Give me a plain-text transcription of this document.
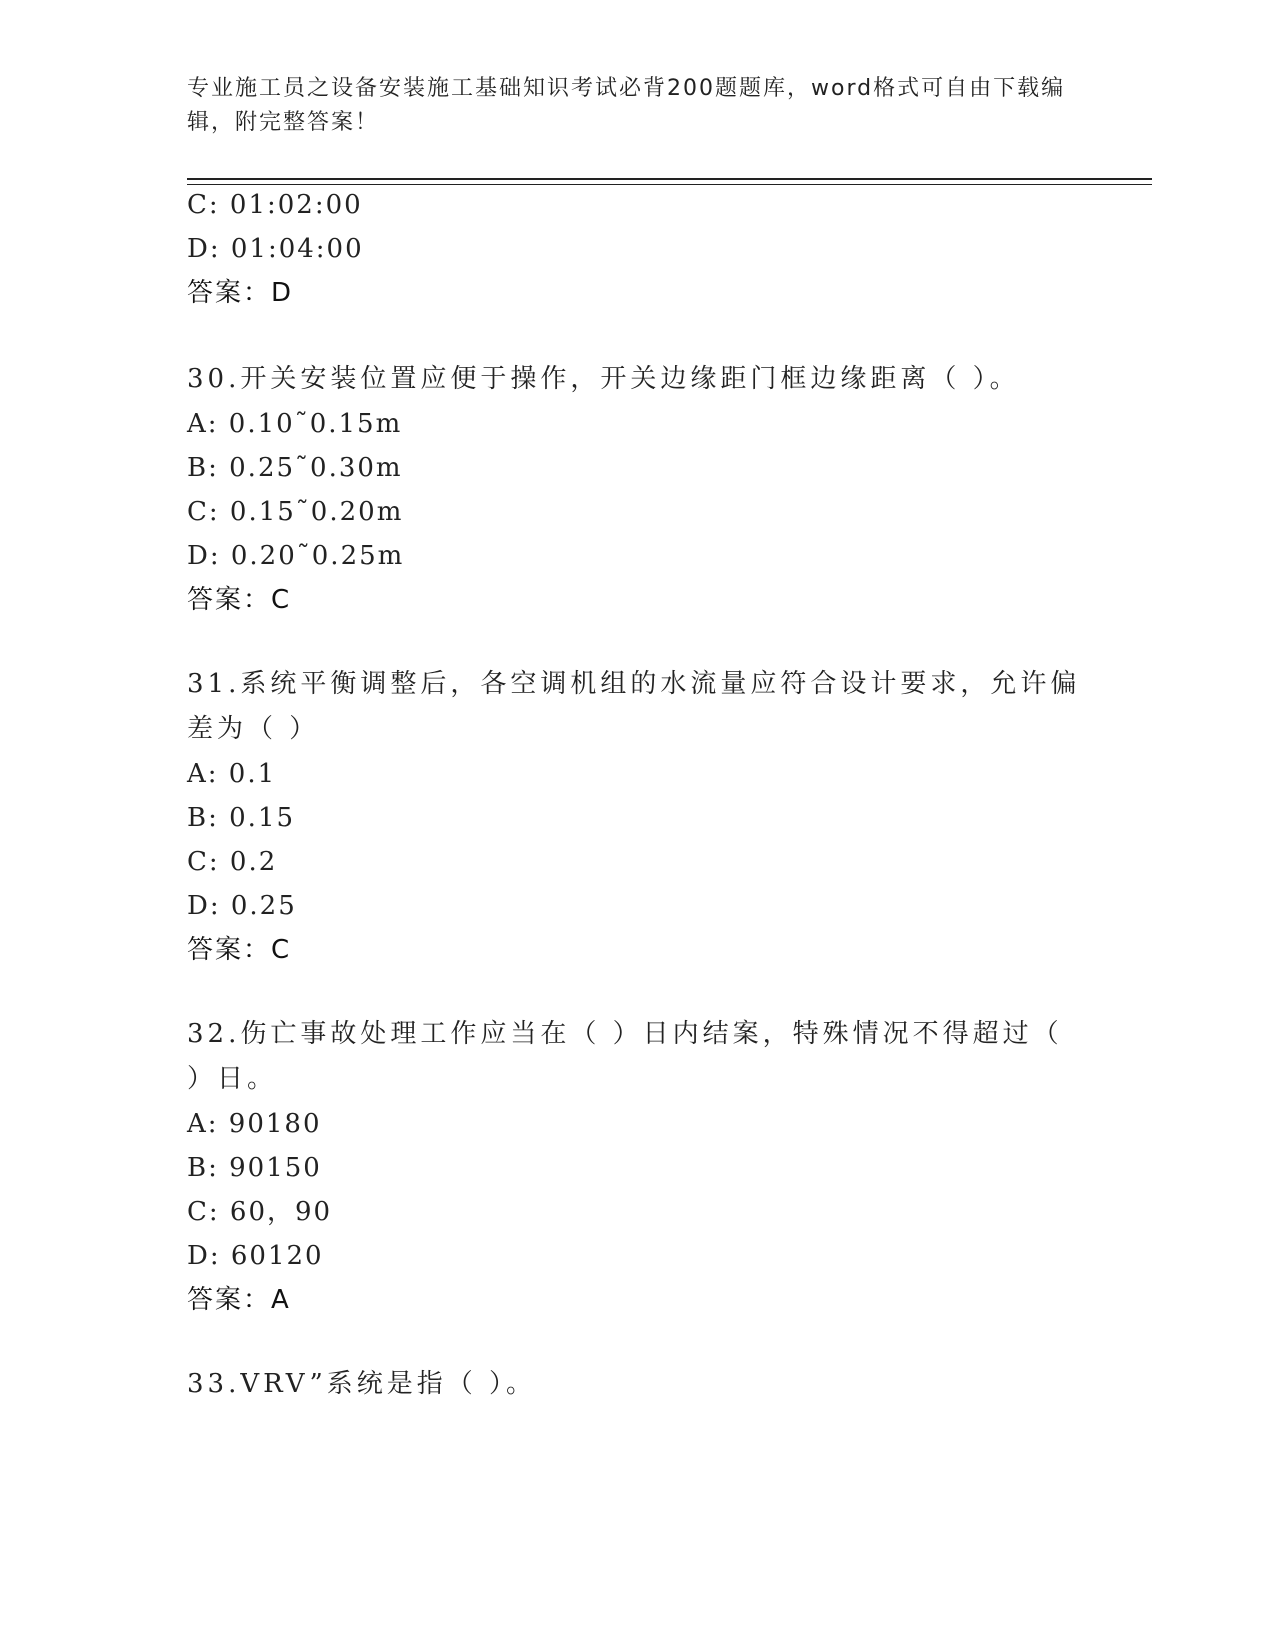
专业施工员之设备安装施工基础知识考试必背200题题库，word格式可自由下载编辑，附完整答案！
C: 01:02:00
D: 01:04:00
答案：D
30.开关安装位置应便于操作，开关边缘距门框边缘距离（ ）。
A: 0.10˜0.15m
B: 0.25˜0.30m
C: 0.15˜0.20m
D: 0.20˜0.25m
答案：C
31.系统平衡调整后，各空调机组的水流量应符合设计要求，允许偏差为（ ）
A: 0.1
B: 0.15
C: 0.2
D: 0.25
答案：C
32.伤亡事故处理工作应当在（ ）日内结案，特殊情况不得超过（ ）日。
A: 90180
B: 90150
C: 60，90
D: 60120
答案：A
33.VRV”系统是指（ ）。
